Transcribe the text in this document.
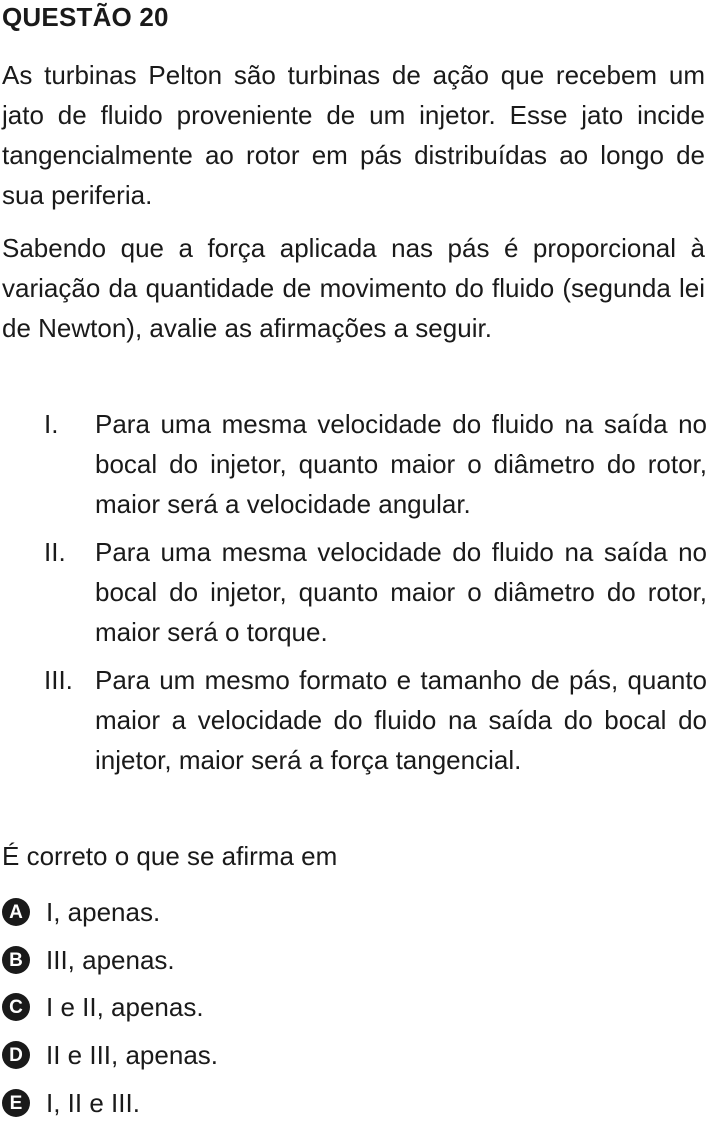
QUESTÃO 20

As turbinas Pelton são turbinas de ação que recebem um jato de fluido proveniente de um injetor. Esse jato incide tangencialmente ao rotor em pás distribuídas ao longo de sua periferia.

Sabendo que a força aplicada nas pás é proporcional à variação da quantidade de movimento do fluido (segunda lei de Newton), avalie as afirmações a seguir.

I. Para uma mesma velocidade do fluido na saída no bocal do injetor, quanto maior o diâmetro do rotor, maior será a velocidade angular.

II. Para uma mesma velocidade do fluido na saída no bocal do injetor, quanto maior o diâmetro do rotor, maior será o torque.

III. Para um mesmo formato e tamanho de pás, quanto maior a velocidade do fluido na saída do bocal do injetor, maior será a força tangencial.

É correto o que se afirma em
A I, apenas.
B III, apenas.
C I e II, apenas.
D II e III, apenas.
E I, II e III.
